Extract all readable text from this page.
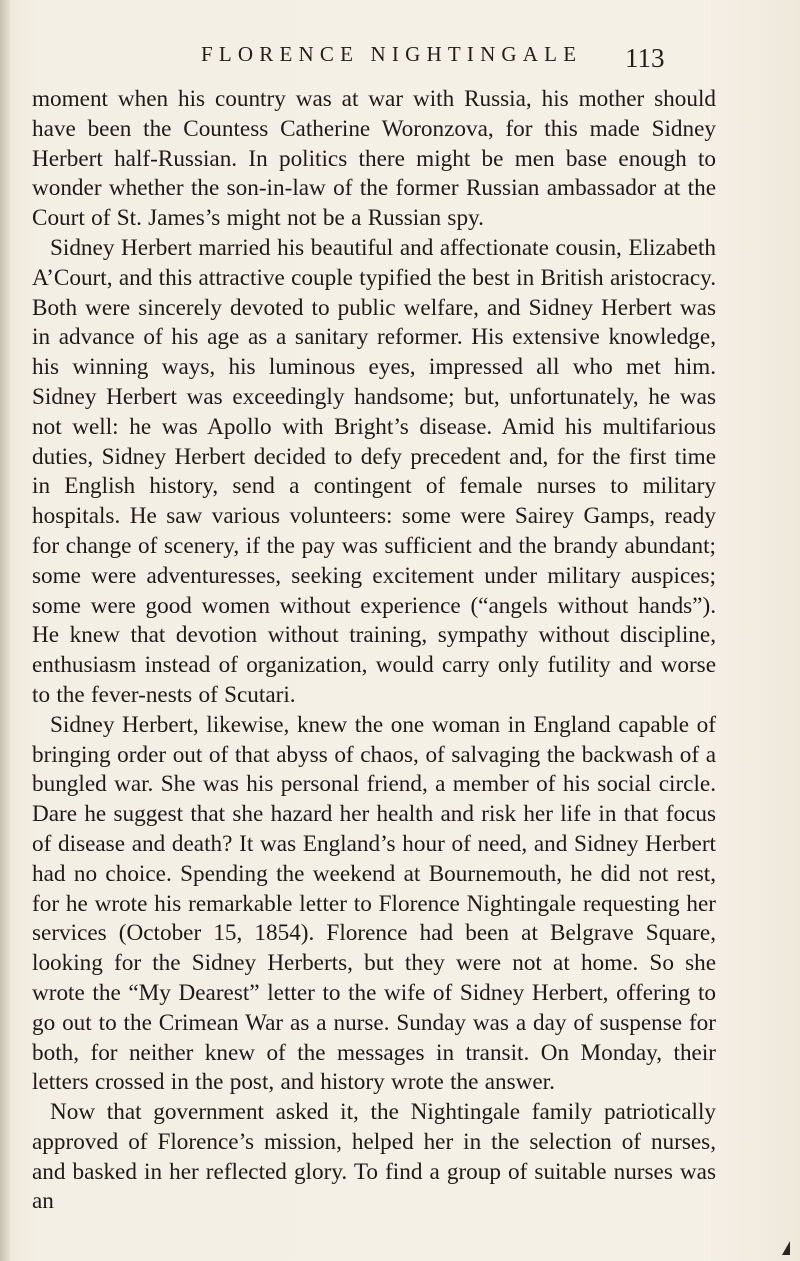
FLORENCE NIGHTINGALE 113

moment when his country was at war with Russia, his mother should have been the Countess Catherine Woronzova, for this made Sidney Herbert half-Russian. In politics there might be men base enough to wonder whether the son-in-law of the former Russian ambassador at the Court of St. James’s might not be a Russian spy.

Sidney Herbert married his beautiful and affectionate cousin, Elizabeth A’Court, and this attractive couple typified the best in British aristocracy. Both were sincerely devoted to public welfare, and Sidney Herbert was in advance of his age as a sanitary reformer. His extensive knowledge, his winning ways, his luminous eyes, impressed all who met him. Sidney Herbert was exceedingly handsome; but, unfortunately, he was not well: he was Apollo with Bright’s disease. Amid his multifarious duties, Sidney Herbert decided to defy precedent and, for the first time in English history, send a contingent of female nurses to military hospitals. He saw various volunteers: some were Sairey Gamps, ready for change of scenery, if the pay was sufficient and the brandy abundant; some were adventuresses, seeking excitement under military auspices; some were good women without experience (“angels without hands”). He knew that devotion without training, sympathy without discipline, enthusiasm instead of organization, would carry only futility and worse to the fever-nests of Scutari.

Sidney Herbert, likewise, knew the one woman in England capable of bringing order out of that abyss of chaos, of salvaging the backwash of a bungled war. She was his personal friend, a member of his social circle. Dare he suggest that she hazard her health and risk her life in that focus of disease and death? It was England’s hour of need, and Sidney Herbert had no choice. Spending the weekend at Bournemouth, he did not rest, for he wrote his remarkable letter to Florence Nightingale requesting her services (October 15, 1854). Florence had been at Belgrave Square, looking for the Sidney Herberts, but they were not at home. So she wrote the “My Dearest” letter to the wife of Sidney Herbert, offering to go out to the Crimean War as a nurse. Sunday was a day of suspense for both, for neither knew of the messages in transit. On Monday, their letters crossed in the post, and history wrote the answer.

Now that government asked it, the Nightingale family patriotically approved of Florence’s mission, helped her in the selection of nurses, and basked in her reflected glory. To find a group of suitable nurses was an
